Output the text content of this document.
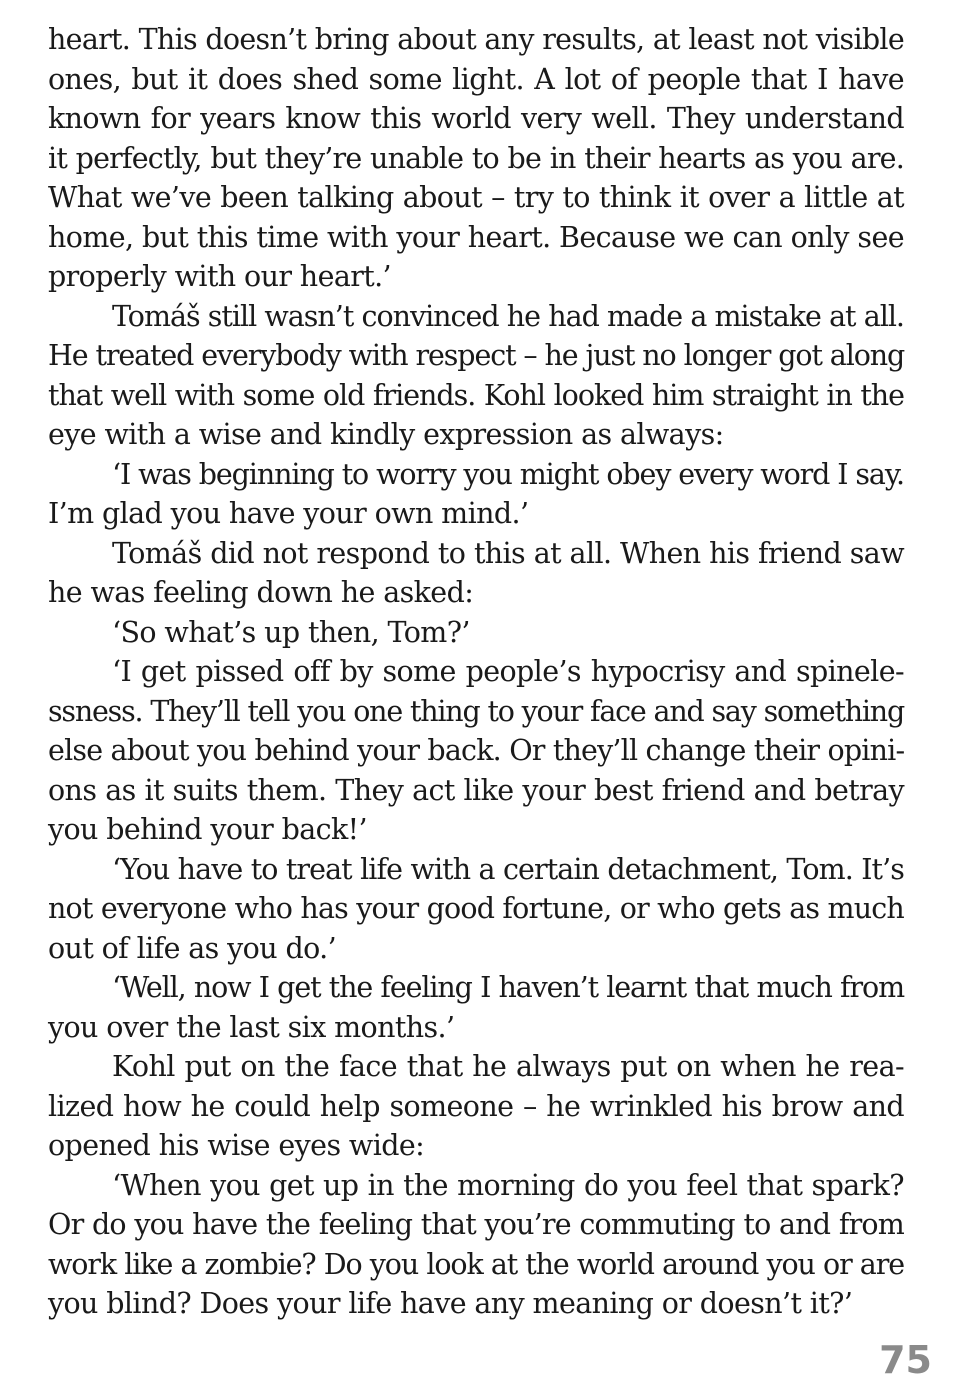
heart. This doesn’t bring about any results, at least not visible
ones, but it does shed some light. A lot of people that I have
known for years know this world very well. They understand
it perfectly, but they’re unable to be in their hearts as you are.
What we’ve been talking about – try to think it over a little at
home, but this time with your heart. Because we can only see
properly with our heart.’
Tomáš still wasn’t convinced he had made a mistake at all.
He treated everybody with respect – he just no longer got along
that well with some old friends. Kohl looked him straight in the
eye with a wise and kindly expression as always:
‘I was beginning to worry you might obey every word I say.
I’m glad you have your own mind.’
Tomáš did not respond to this at all. When his friend saw
he was feeling down he asked:
‘So what’s up then, Tom?’
‘I get pissed off by some people’s hypocrisy and spinele-
ssness. They’ll tell you one thing to your face and say something
else about you behind your back. Or they’ll change their opini-
ons as it suits them. They act like your best friend and betray
you behind your back!’
‘You have to treat life with a certain detachment, Tom. It’s
not everyone who has your good fortune, or who gets as much
out of life as you do.’
‘Well, now I get the feeling I haven’t learnt that much from
you over the last six months.’
Kohl put on the face that he always put on when he rea-
lized how he could help someone – he wrinkled his brow and
opened his wise eyes wide:
‘When you get up in the morning do you feel that spark?
Or do you have the feeling that you’re commuting to and from
work like a zombie? Do you look at the world around you or are
you blind? Does your life have any meaning or doesn’t it?’
75
